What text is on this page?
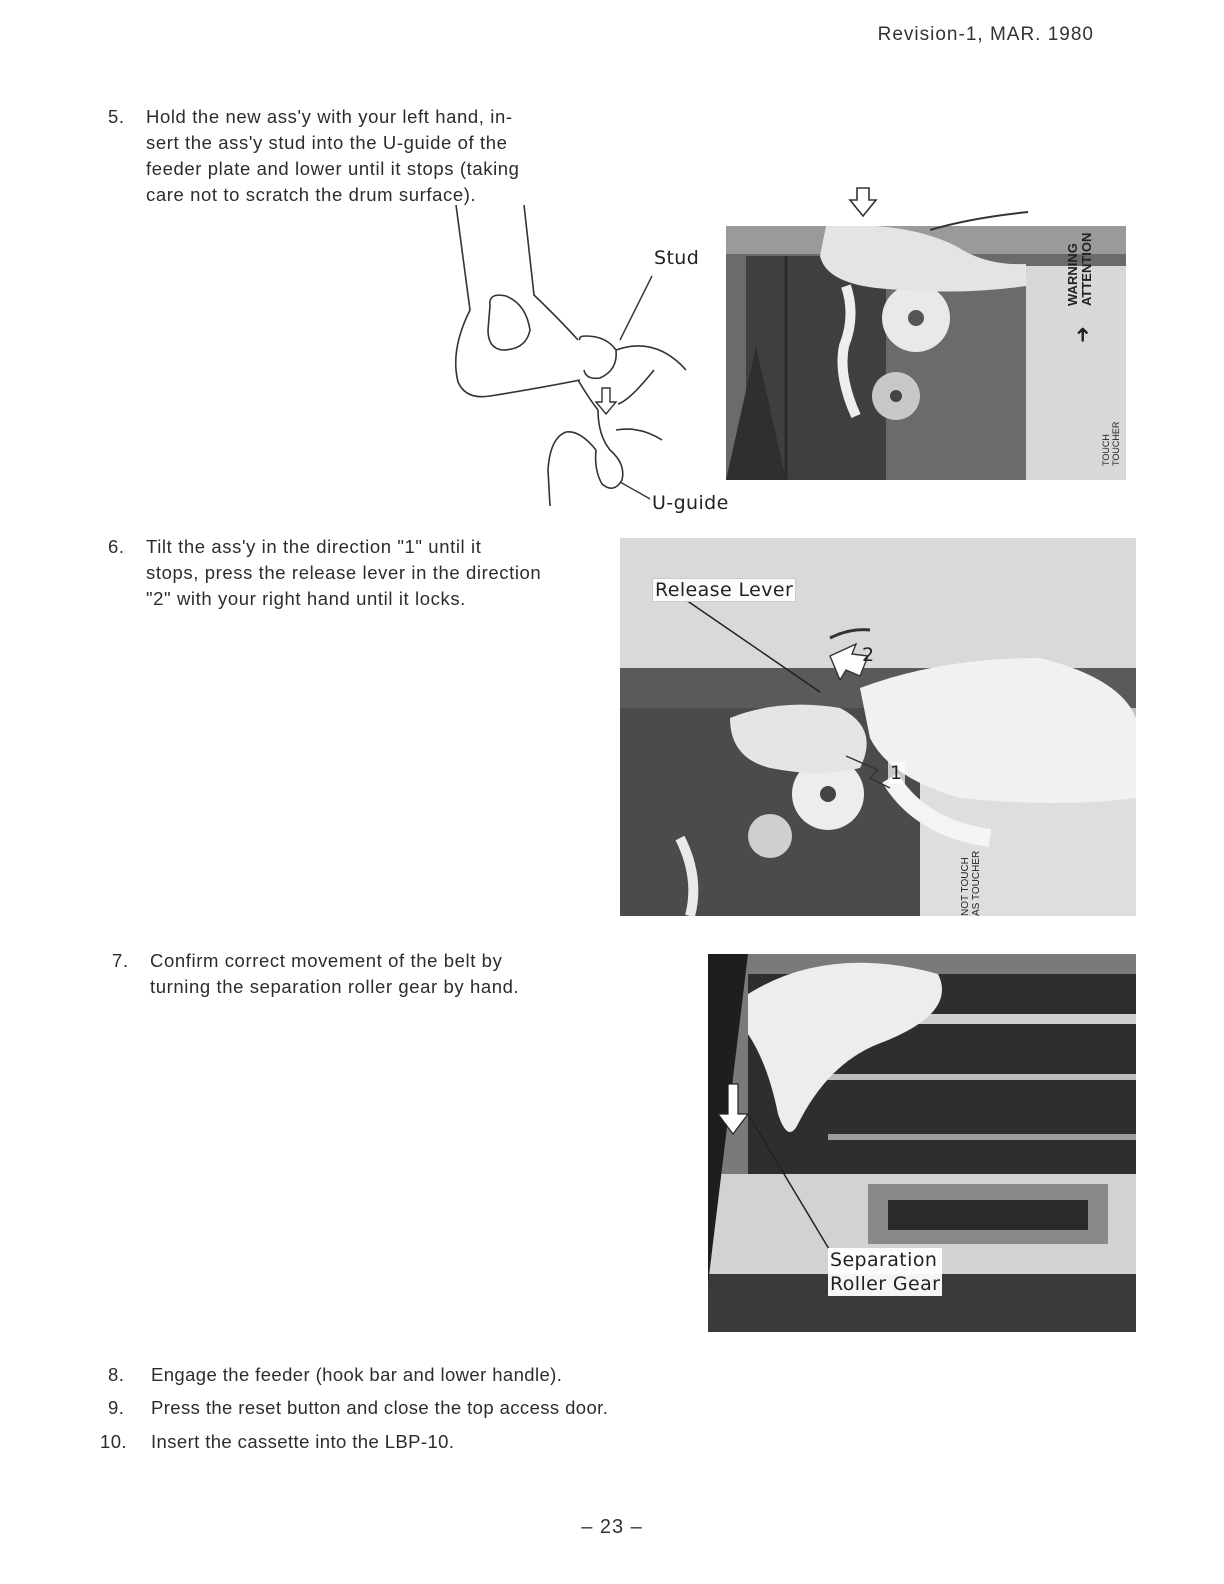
Revision-1, MAR. 1980
5. Hold the new ass'y with your left hand, in-
sert the ass'y stud into the U-guide of the
feeder plate and lower until it stops (taking
care not to scratch the drum surface).
WARNING ATTENTION
➜
TOUCH
TOUCHER
Stud
U-guide
6. Tilt the ass'y in the direction "1" until it
stops, press the release lever in the direction
"2" with your right hand until it locks.
NOT TOUCH
AS TOUCHER
Release Lever
2
1
7. Confirm correct movement of the belt by
turning the separation roller gear by hand.
Separation
Roller Gear
8. Engage the feeder (hook bar and lower handle).
9. Press the reset button and close the top access door.
10. Insert the cassette into the LBP-10.
– 23 –
